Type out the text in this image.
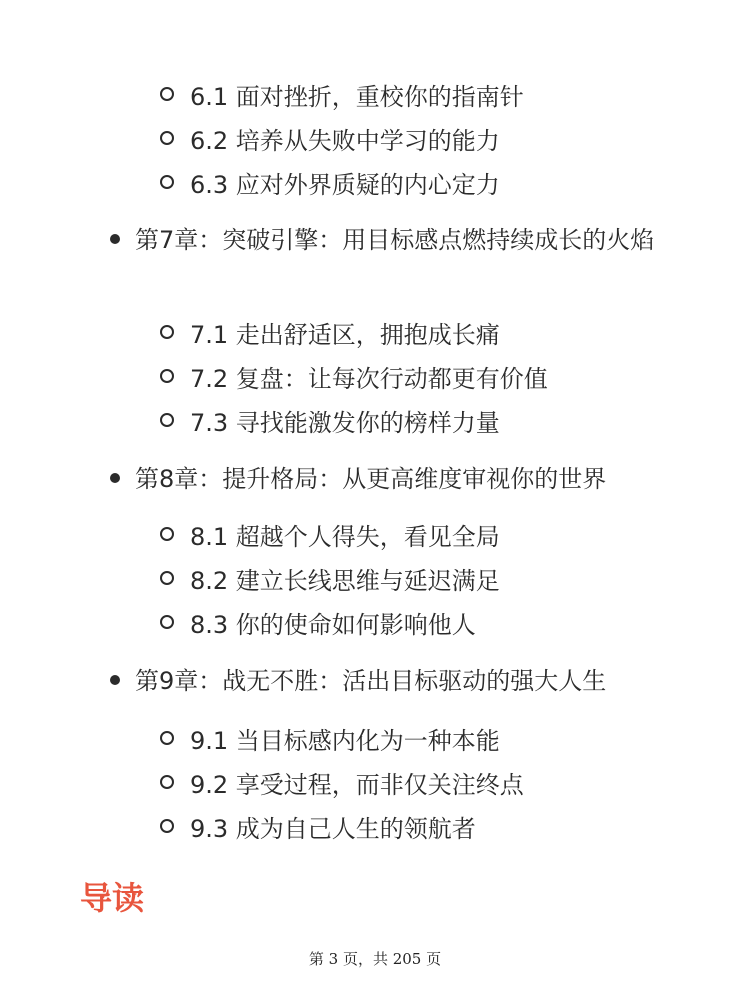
6.1 面对挫折，重校你的指南针
6.2 培养从失败中学习的能力
6.3 应对外界质疑的内心定力
第7章：突破引擎：用目标感点燃持续成长的火焰
7.1 走出舒适区，拥抱成长痛
7.2 复盘：让每次行动都更有价值
7.3 寻找能激发你的榜样力量
第8章：提升格局：从更高维度审视你的世界
8.1 超越个人得失，看见全局
8.2 建立长线思维与延迟满足
8.3 你的使命如何影响他人
第9章：战无不胜：活出目标驱动的强大人生
9.1 当目标感内化为一种本能
9.2 享受过程，而非仅关注终点
9.3 成为自己人生的领航者
导读
第 3 页，共 205 页
